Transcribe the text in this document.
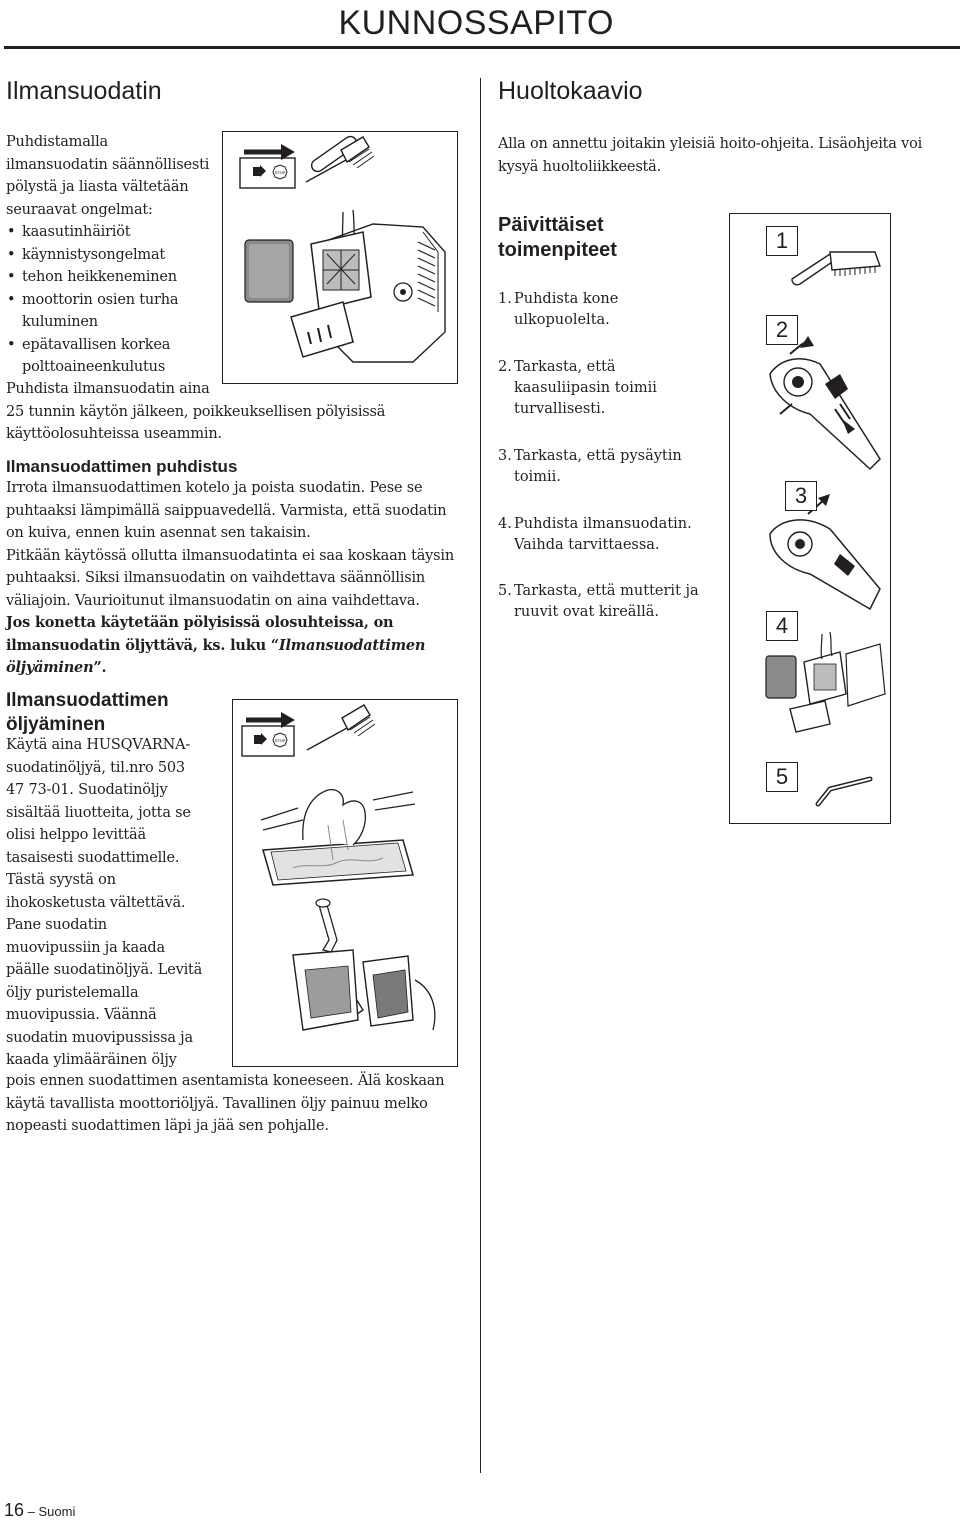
KUNNOSSAPITO
Ilmansuodatin
Puhdistamalla
ilmansuodatin säännöllisesti
pölystä ja liasta vältetään
seuraavat ongelmat:
• kaasutinhäiriöt
• käynnistysongelmat
• tehon heikkeneminen
• moottorin osien turha
kuluminen
• epätavallisen korkea
polttoaineenkulutus
Puhdista ilmansuodatin aina
25 tunnin käytön jälkeen, poikkeuksellisen pölyisissä
käyttöolosuhteissa useammin.
STOP
Ilmansuodattimen puhdistus
Irrota ilmansuodattimen kotelo ja poista suodatin. Pese se
puhtaaksi lämpimällä saippuavedellä. Varmista, että suodatin
on kuiva, ennen kuin asennat sen takaisin.
Pitkään käytössä ollutta ilmansuodatinta ei saa koskaan täysin
puhtaaksi. Siksi ilmansuodatin on vaihdettava säännöllisin
väliajoin. Vaurioitunut ilmansuodatin on aina vaihdettava.
Jos konetta käytetään pölyisissä olosuhteissa, on
ilmansuodatin öljyttävä, ks. luku “Ilmansuodattimen
öljyäminen”.
Ilmansuodattimen
öljyäminen
Käytä aina HUSQVARNA-
suodatinöljyä, til.nro 503
47 73-01. Suodatinöljy
sisältää liuotteita, jotta se
olisi helppo levittää
tasaisesti suodattimelle.
Tästä syystä on
ihokosketusta vältettävä.
Pane suodatin
muovipussiin ja kaada
päälle suodatinöljyä. Levitä
öljy puristelemalla
muovipussia. Väännä
suodatin muovipussissa ja
kaada ylimääräinen öljy
pois ennen suodattimen asentamista koneeseen. Älä koskaan
käytä tavallista moottoriöljyä. Tavallinen öljy painuu melko
nopeasti suodattimen läpi ja jää sen pohjalle.
STOP
Huoltokaavio
Alla on annettu joitakin yleisiä hoito-ohjeita. Lisäohjeita voi
kysyä huoltoliikkeestä.
Päivittäiset
toimenpiteet
1. Puhdista kone
ulkopuolelta.
2. Tarkasta, että
kaasuliipasin toimii
turvallisesti.
3. Tarkasta, että pysäytin
toimii.
4. Puhdista ilmansuodatin.
Vaihda tarvittaessa.
5. Tarkasta, että mutterit ja
ruuvit ovat kireällä.
1
2
3
4
5
16 – Suomi
